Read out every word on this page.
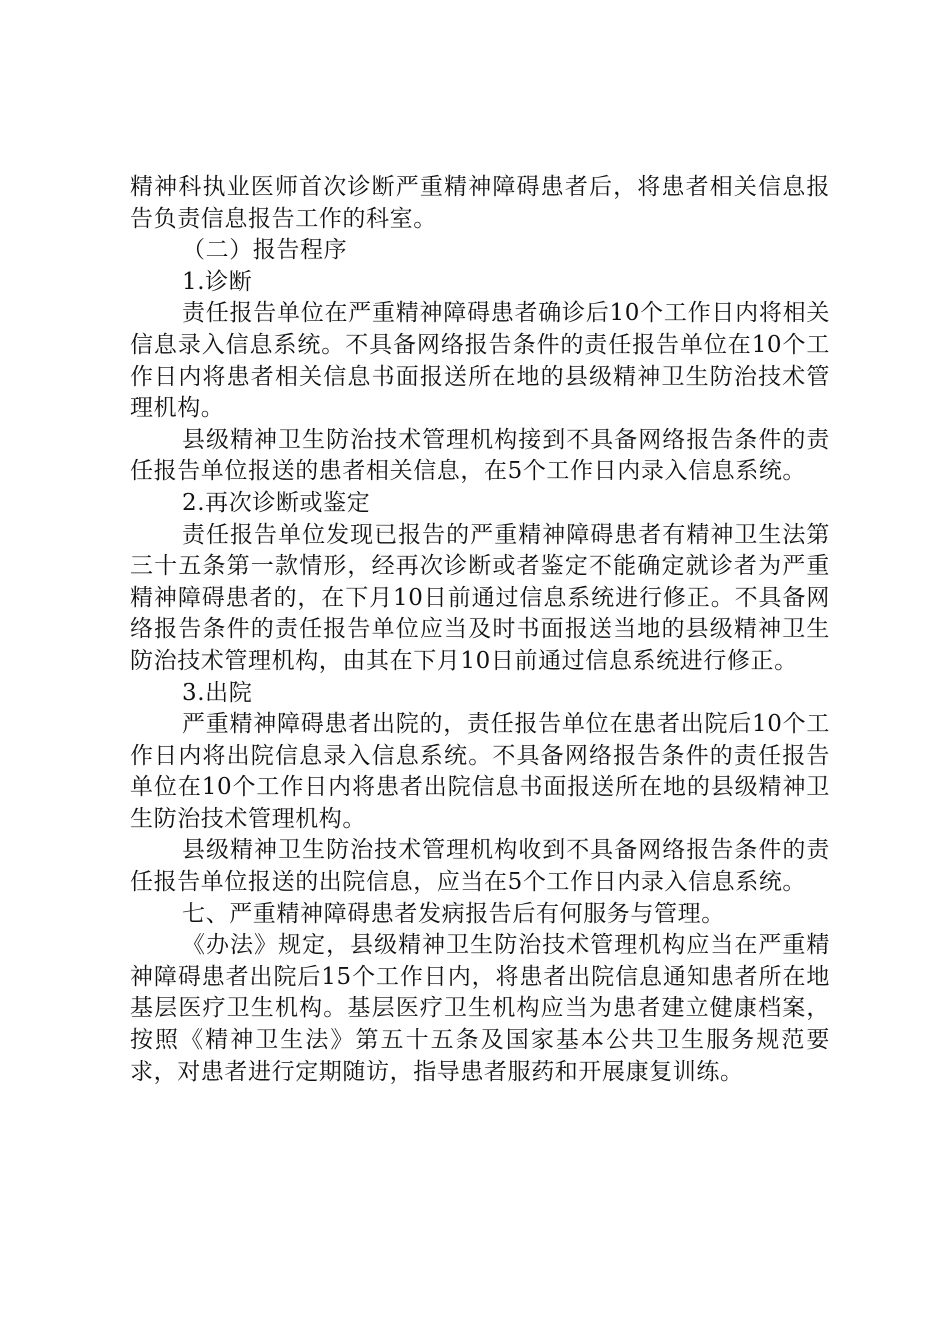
精神科执业医师首次诊断严重精神障碍患者后，将患者相关信息报告负责信息报告工作的科室。

（二）报告程序

1.诊断

责任报告单位在严重精神障碍患者确诊后10个工作日内将相关信息录入信息系统。不具备网络报告条件的责任报告单位在10个工作日内将患者相关信息书面报送所在地的县级精神卫生防治技术管理机构。

县级精神卫生防治技术管理机构接到不具备网络报告条件的责任报告单位报送的患者相关信息，在5个工作日内录入信息系统。

2.再次诊断或鉴定

责任报告单位发现已报告的严重精神障碍患者有精神卫生法第三十五条第一款情形，经再次诊断或者鉴定不能确定就诊者为严重精神障碍患者的，在下月10日前通过信息系统进行修正。不具备网络报告条件的责任报告单位应当及时书面报送当地的县级精神卫生防治技术管理机构，由其在下月10日前通过信息系统进行修正。

3.出院

严重精神障碍患者出院的，责任报告单位在患者出院后10个工作日内将出院信息录入信息系统。不具备网络报告条件的责任报告单位在10个工作日内将患者出院信息书面报送所在地的县级精神卫生防治技术管理机构。

县级精神卫生防治技术管理机构收到不具备网络报告条件的责任报告单位报送的出院信息，应当在5个工作日内录入信息系统。

七、严重精神障碍患者发病报告后有何服务与管理。

《办法》规定，县级精神卫生防治技术管理机构应当在严重精神障碍患者出院后15个工作日内，将患者出院信息通知患者所在地基层医疗卫生机构。基层医疗卫生机构应当为患者建立健康档案，按照《精神卫生法》第五十五条及国家基本公共卫生服务规范要求，对患者进行定期随访，指导患者服药和开展康复训练。
